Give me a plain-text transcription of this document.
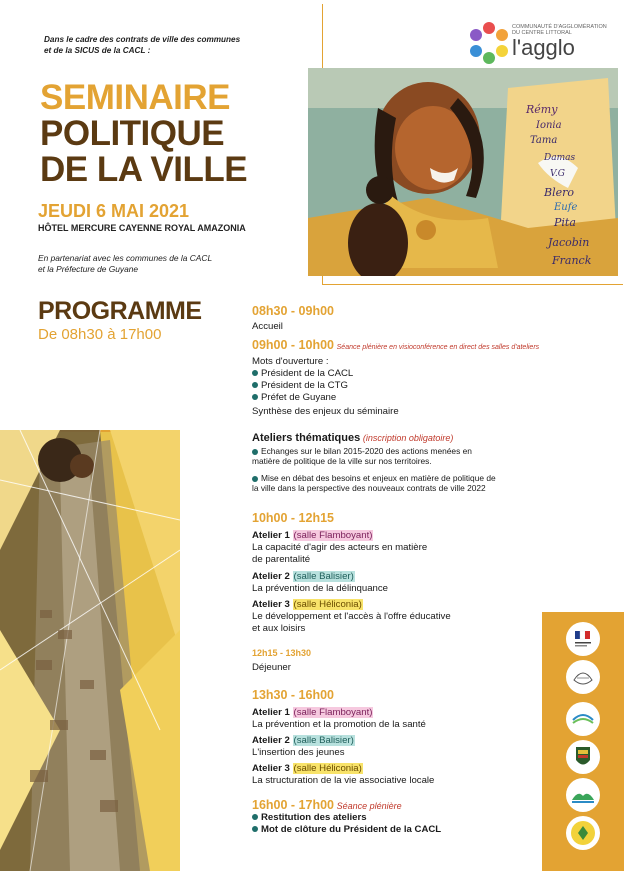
Dans le cadre des contrats de ville des communes
et de la SICUS de la CACL :
SEMINAIRE
POLITIQUE
DE LA VILLE
JEUDI 6 MAI 2021
HÔTEL MERCURE CAYENNE ROYAL AMAZONIA
En partenariat avec les communes de la CACL
et la Préfecture de Guyane
Rémy
Ionia
Tama
Damas
V.G
Blero
Eufe
Pita
Jacobin
Franck
COMMUNAUTÉ D'AGGLOMÉRATION
DU CENTRE LITTORAL
l'agglo
PROGRAMME
De 08h30 à 17h00
08h30 - 09h00
Accueil
09h00 - 10h00 Séance plénière en visioconférence en direct des salles d'ateliers
Mots d'ouverture :
Président de la CACL
Président de la CTG
Préfet de Guyane
Synthèse des enjeux du séminaire
Ateliers thématiques (inscription obligatoire)
Echanges sur le bilan 2015-2020 des actions menées en
matière de politique de la ville sur nos territoires.
Mise en débat des besoins et enjeux en matière de politique de
la ville dans la perspective des nouveaux contrats de ville 2022
10h00 - 12h15
Atelier 1 (salle Flamboyant)
La capacité d'agir des acteurs en matière
de parentalité
Atelier 2 (salle Balisier)
La prévention de la délinquance
Atelier 3 (salle Héliconia)
Le développement et l'accès à l'offre éducative
et aux loisirs
12h15 - 13h30
Déjeuner
13h30 - 16h00
Atelier 1 (salle Flamboyant)
La prévention et la promotion de la santé
Atelier 2 (salle Balisier)
L'insertion des jeunes
Atelier 3 (salle Héliconia)
La structuration de la vie associative locale
16h00 - 17h00 Séance plénière
Restitution des ateliers
Mot de clôture du Président de la CACL
